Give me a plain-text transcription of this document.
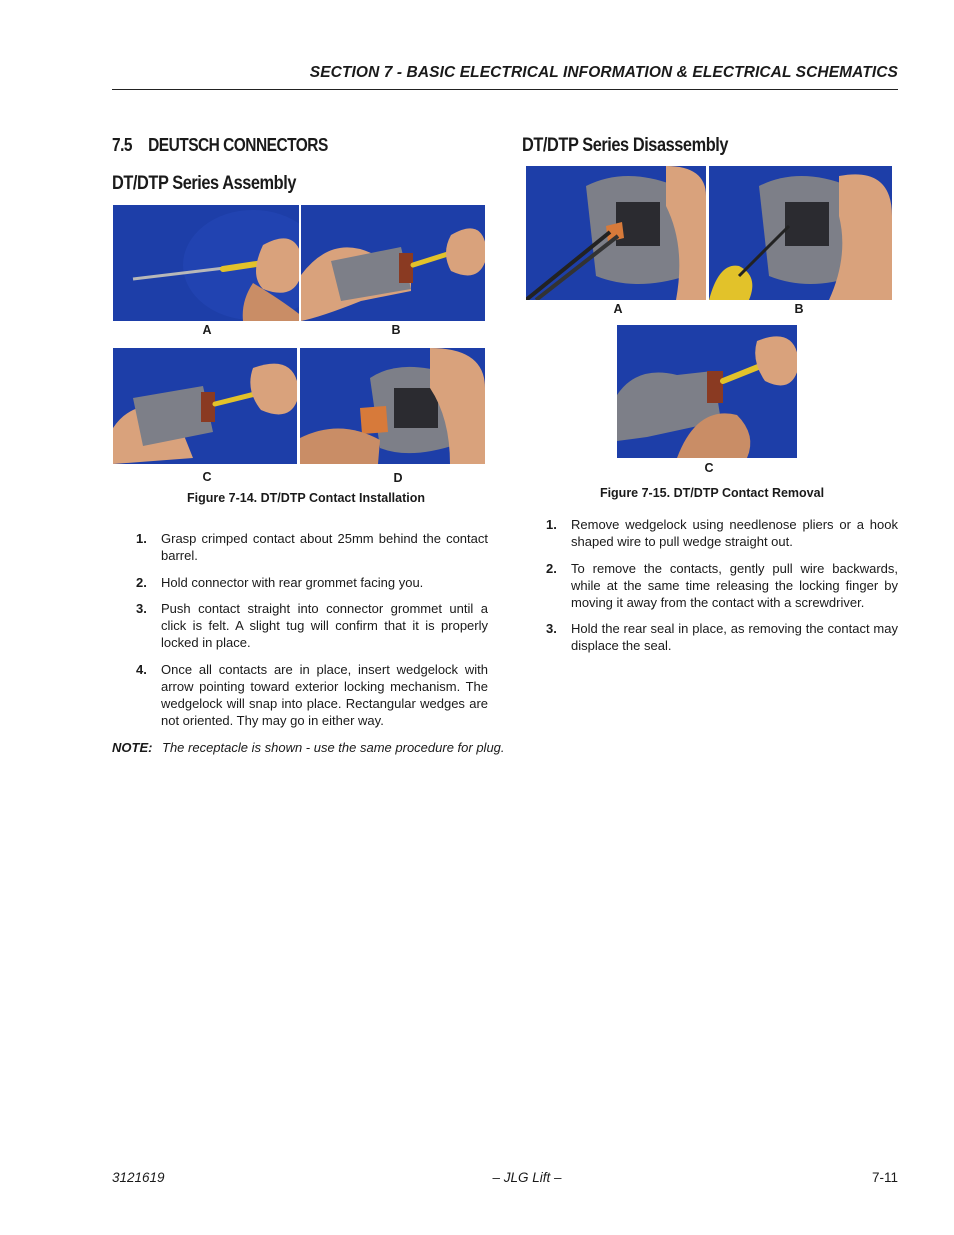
SECTION 7 - BASIC ELECTRICAL INFORMATION & ELECTRICAL SCHEMATICS
7.5 DEUTSCH CONNECTORS
DT/DTP Series Assembly
A	B
C	D
Figure 7-14. DT/DTP Contact Installation
1. Grasp crimped contact about 25mm behind the contact barrel.
2. Hold connector with rear grommet facing you.
3. Push contact straight into connector grommet until a click is felt. A slight tug will confirm that it is properly locked in place.
4. Once all contacts are in place, insert wedgelock with arrow pointing toward exterior locking mechanism. The wedgelock will snap into place. Rectangular wedges are not oriented. Thy may go in either way.
NOTE: The receptacle is shown - use the same procedure for plug.
DT/DTP Series Disassembly
A	B
C
Figure 7-15. DT/DTP Contact Removal
1. Remove wedgelock using needlenose pliers or a hook shaped wire to pull wedge straight out.
2. To remove the contacts, gently pull wire backwards, while at the same time releasing the locking finger by moving it away from the contact with a screwdriver.
3. Hold the rear seal in place, as removing the contact may displace the seal.
3121619	– JLG Lift –	7-11
